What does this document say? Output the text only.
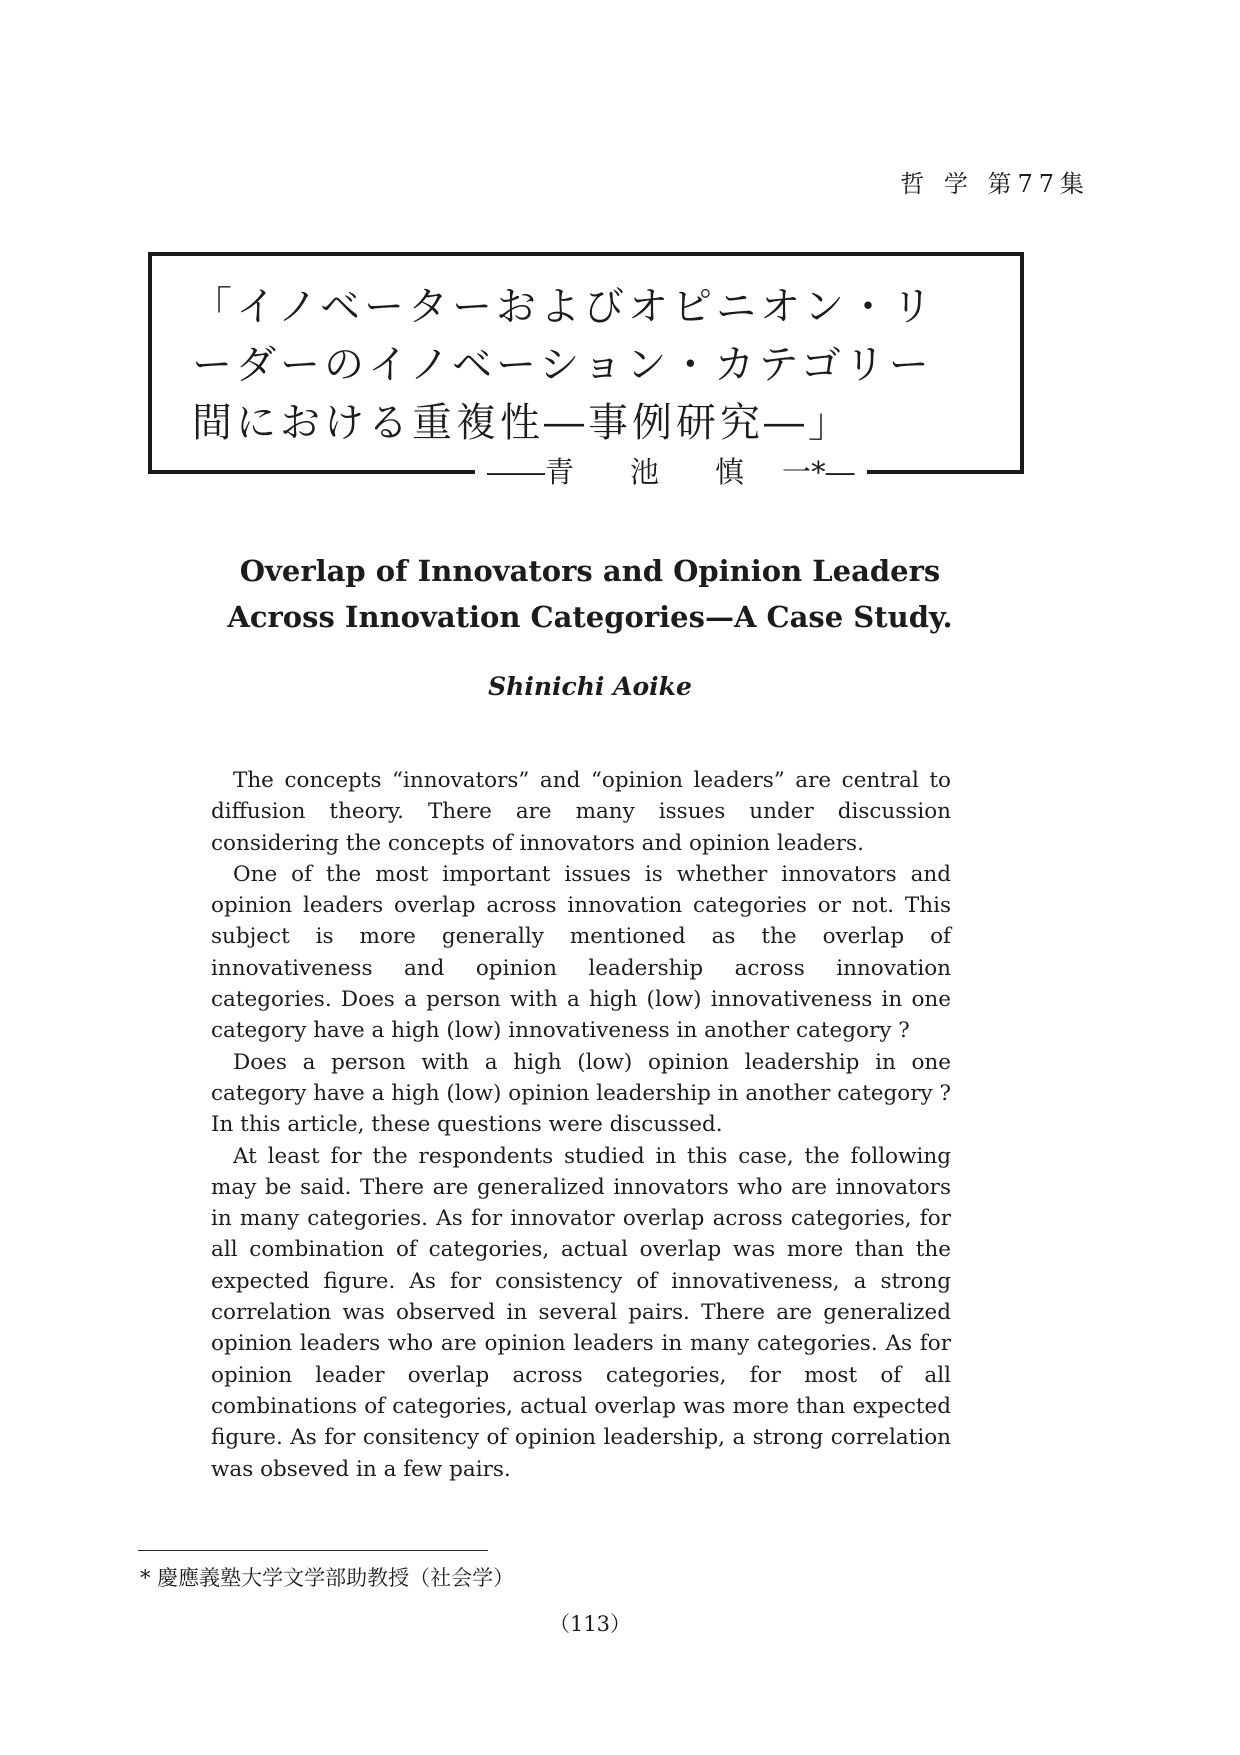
哲 学 第77集
「イノベーターおよびオピニオン・リ
ーダーのイノベーション・カテゴリー
間における重複性―事例研究―」
――青 池 慎 一*―
Overlap of Innovators and Opinion Leaders
Across Innovation Categories—A Case Study.
Shinichi Aoike

The concepts “innovators” and “opinion leaders” are central to diffusion theory. There are many issues under discussion considering the concepts of innovators and opinion leaders.

One of the most important issues is whether innovators and opinion leaders overlap across innovation categories or not. This subject is more generally mentioned as the overlap of innovativeness and opinion leadership across innovation categories. Does a person with a high (low) innovativeness in one category have a high (low) innovativeness in another category ?

Does a person with a high (low) opinion leadership in one category have a high (low) opinion leadership in another category ? In this article, these questions were discussed.

At least for the respondents studied in this case, the following may be said. There are generalized innovators who are innovators in many categories. As for innovator overlap across categories, for all combination of categories, actual overlap was more than the expected figure. As for consistency of innovativeness, a strong correlation was observed in several pairs. There are generalized opinion leaders who are opinion leaders in many categories. As for opinion leader overlap across categories, for most of all combinations of categories, actual overlap was more than expected figure. As for consitency of opinion leadership, a strong correlation was obseved in a few pairs.

* 慶應義塾大学文学部助教授（社会学）
（113）
